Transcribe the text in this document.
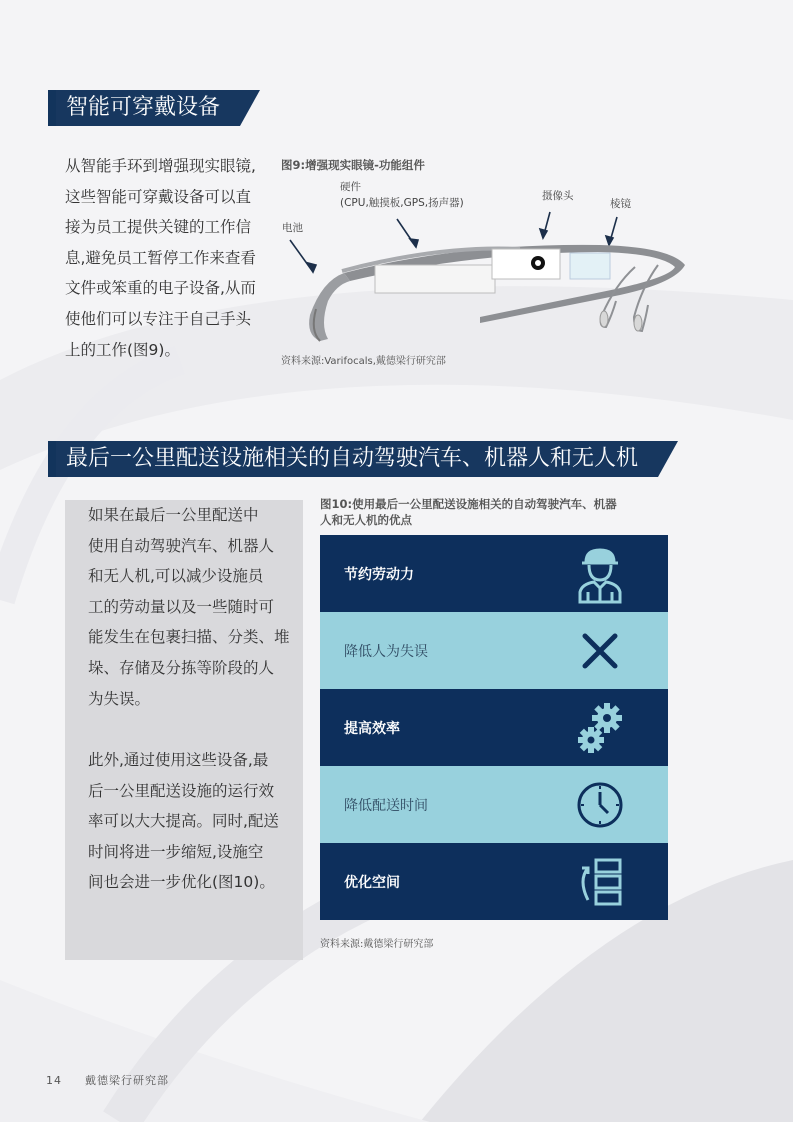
智能可穿戴设备
从智能手环到增强现实眼镜,
这些智能可穿戴设备可以直
接为员工提供关键的工作信
息,避免员工暂停工作来查看
文件或笨重的电子设备,从而
使他们可以专注于自己手头
上的工作(图9)。
图9:增强现实眼镜-功能组件
硬件
(CPU,触摸板,GPS,扬声器)
摄像头
棱镜
电池
资料来源:Varifocals,戴德梁行研究部
最后一公里配送设施相关的自动驾驶汽车、机器人和无人机
如果在最后一公里配送中
使用自动驾驶汽车、机器人
和无人机,可以减少设施员
工的劳动量以及一些随时可
能发生在包裹扫描、分类、堆
垛、存储及分拣等阶段的人
为失误。
此外,通过使用这些设备,最
后一公里配送设施的运行效
率可以大大提高。同时,配送
时间将进一步缩短,设施空
间也会进一步优化(图10)。
图10:使用最后一公里配送设施相关的自动驾驶汽车、机器
人和无人机的优点
节约劳动力
降低人为失误
提高效率
降低配送时间
优化空间
资料来源:戴德梁行研究部
14 戴德梁行研究部
